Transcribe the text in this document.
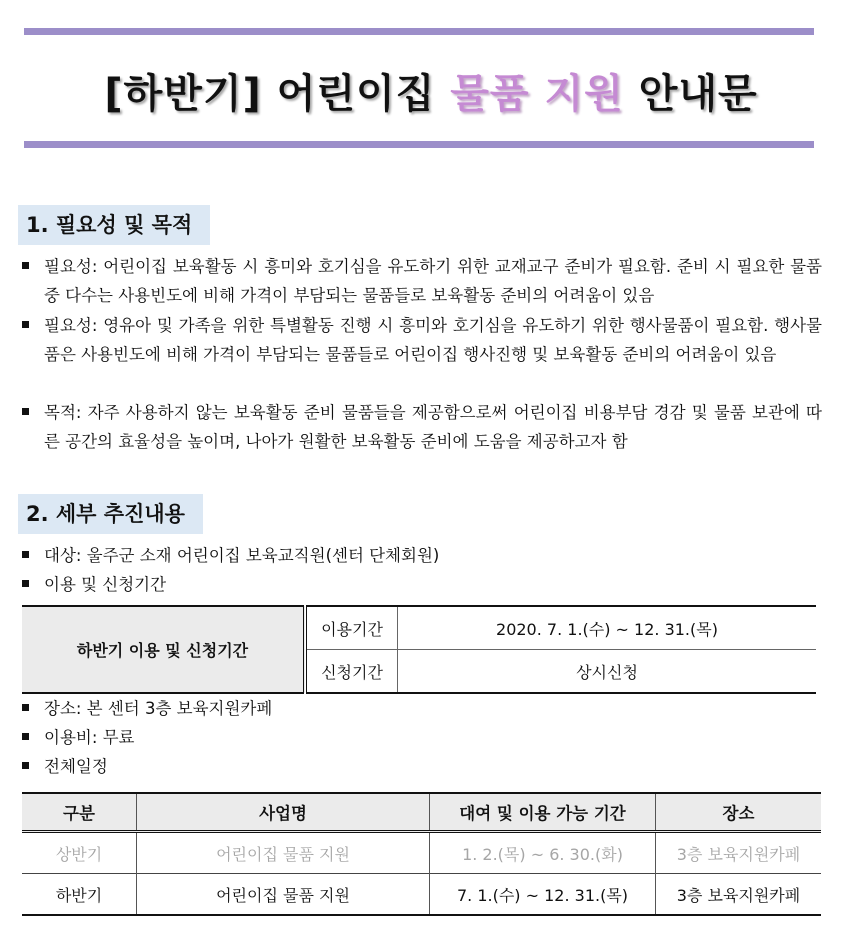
[하반기] 어린이집 물품 지원 안내문
1. 필요성 및 목적
필요성: 어린이집 보육활동 시 흥미와 호기심을 유도하기 위한 교재교구 준비가 필요함. 준비 시 필요한 물품 중 다수는 사용빈도에 비해 가격이 부담되는 물품들로 보육활동 준비의 어려움이 있음
필요성: 영유아 및 가족을 위한 특별활동 진행 시 흥미와 호기심을 유도하기 위한 행사물품이 필요함. 행사물품은 사용빈도에 비해 가격이 부담되는 물품들로 어린이집 행사진행 및 보육활동 준비의 어려움이 있음
목적: 자주 사용하지 않는 보육활동 준비 물품들을 제공함으로써 어린이집 비용부담 경감 및 물품 보관에 따른 공간의 효율성을 높이며, 나아가 원활한 보육활동 준비에 도움을 제공하고자 함
2. 세부 추진내용
대상: 울주군 소재 어린이집 보육교직원(센터 단체회원)
이용 및 신청기간
하반기 이용 및 신청기간	이용기간	2020. 7. 1.(수) ~ 12. 31.(목)
	신청기간	상시신청
장소: 본 센터 3층 보육지원카페
이용비: 무료
전체일정
구분	사업명	대여 및 이용 가능 기간	장소
상반기	어린이집 물품 지원	1. 2.(목) ~ 6. 30.(화)	3층 보육지원카페
하반기	어린이집 물품 지원	7. 1.(수) ~ 12. 31.(목)	3층 보육지원카페
